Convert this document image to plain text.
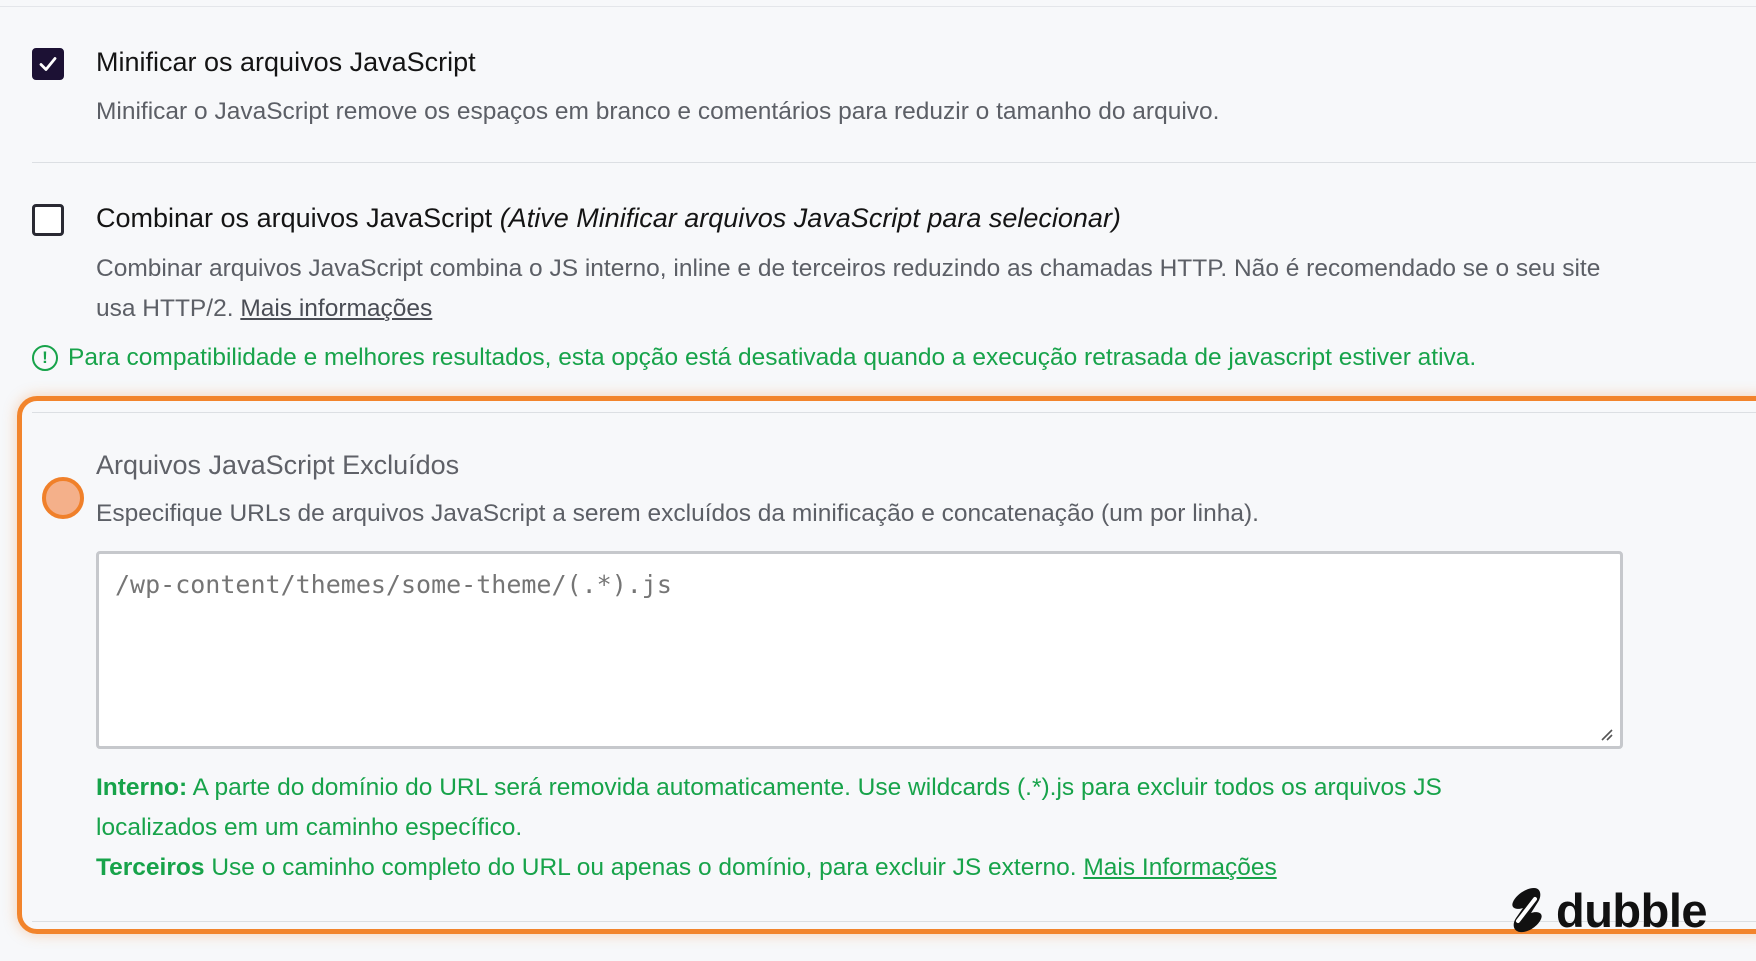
Minificar os arquivos JavaScript
Minificar o JavaScript remove os espaços em branco e comentários para reduzir o tamanho do arquivo.
Combinar os arquivos JavaScript (Ative Minificar arquivos JavaScript para selecionar)
Combinar arquivos JavaScript combina o JS interno, inline e de terceiros reduzindo as chamadas HTTP. Não é recomendado se o seu site
usa HTTP/2. Mais informações
! Para compatibilidade e melhores resultados, esta opção está desativada quando a execução retrasada de javascript estiver ativa.
Arquivos JavaScript Excluídos
Especifique URLs de arquivos JavaScript a serem excluídos da minificação e concatenação (um por linha).
/wp-content/themes/some-theme/(.*).js
Interno: A parte do domínio do URL será removida automaticamente. Use wildcards (.*).js para excluir todos os arquivos JS
localizados em um caminho específico.
Terceiros Use o caminho completo do URL ou apenas o domínio, para excluir JS externo. Mais Informações
dubble
